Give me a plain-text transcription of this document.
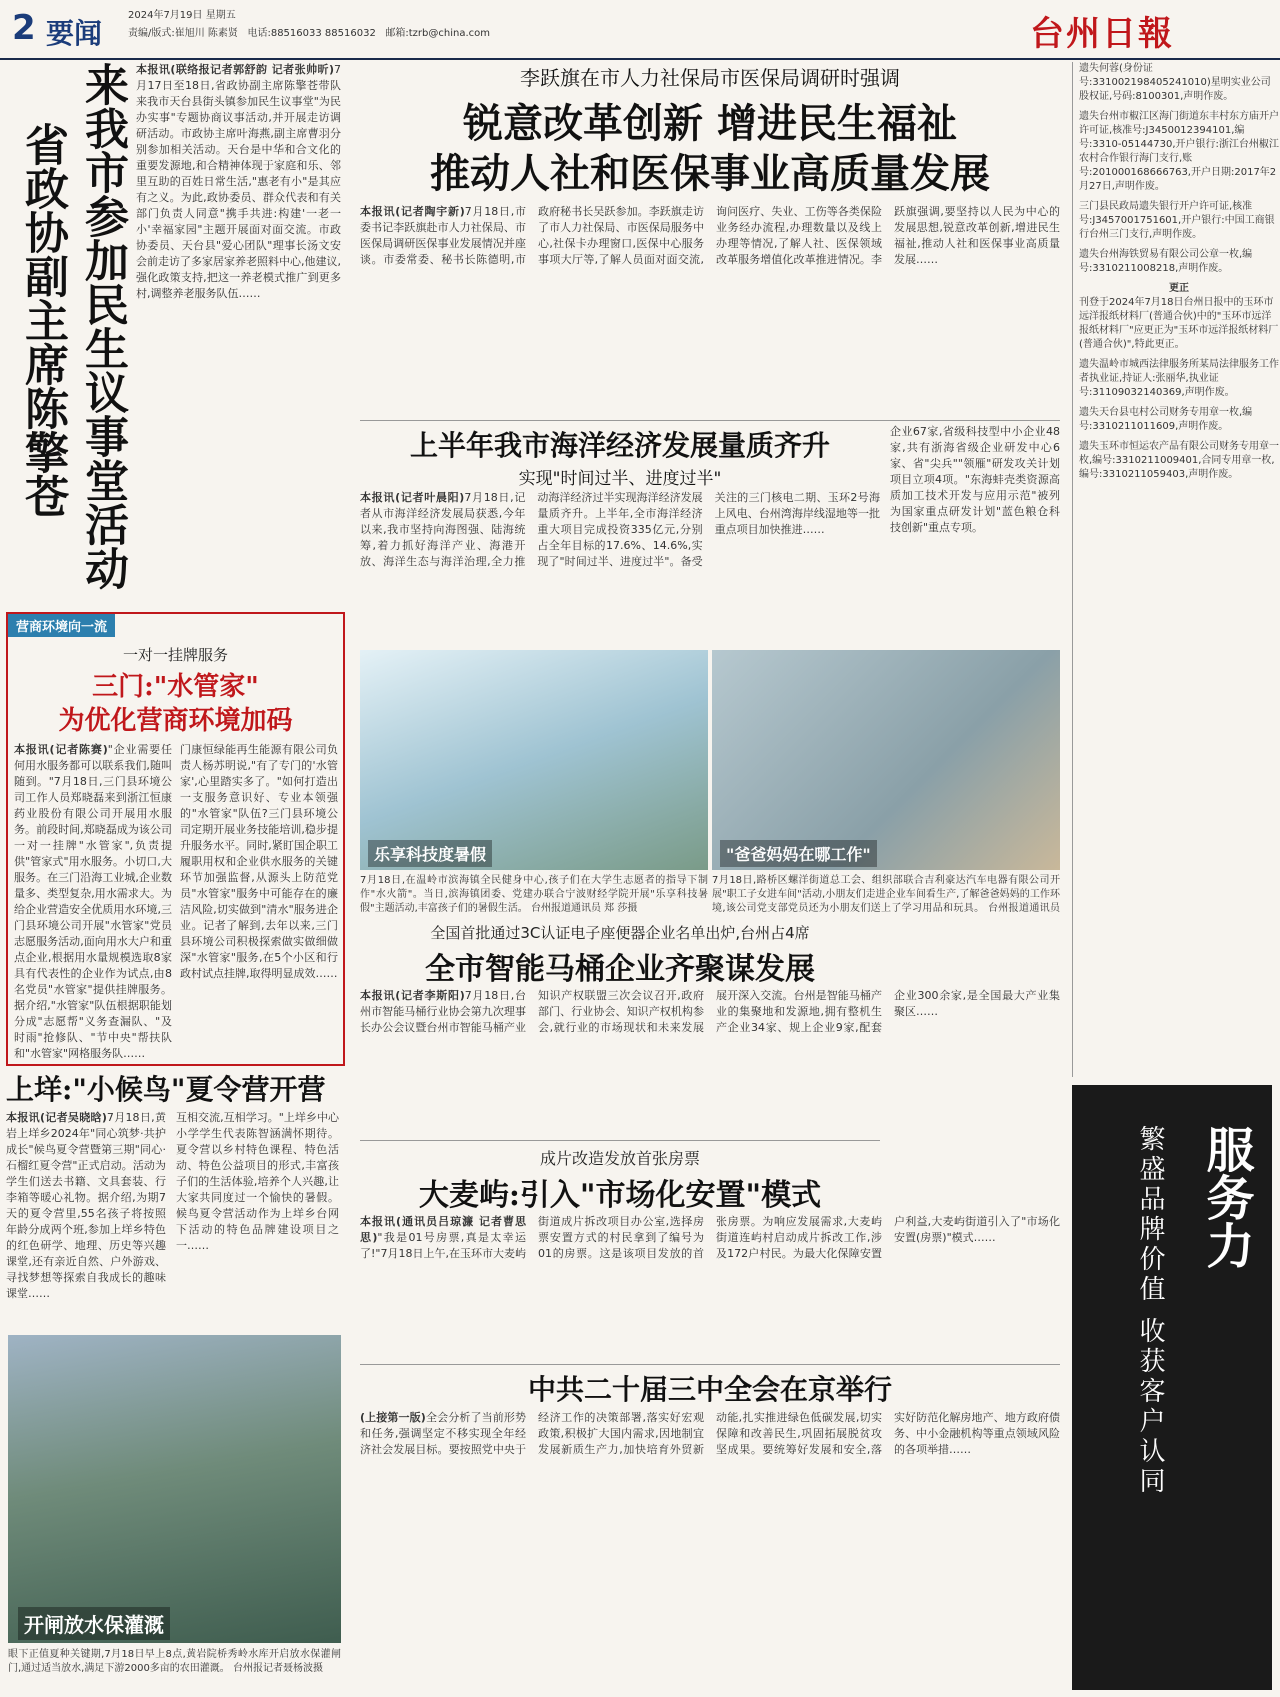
2 要闻
2024年7月19日 星期五
责编/版式:崔旭川 陈素贤 电话:88516033 88516032 邮箱:tzrb@china.com	台州日報
来我市参加民生议事堂活动
省政协副主席陈擎苍
本报讯(联络报记者郭舒韵 记者张帅昕)7月17日至18日,省政协副主席陈擎苍带队来我市天台县街头镇参加民生议事堂"为民办实事"专题协商议事活动,并开展走访调研活动。市政协主席叶海燕,副主席曹羽分别参加相关活动。天台是中华和合文化的重要发源地,和合精神体现于家庭和乐、邻里互助的百姓日常生活,"惠老有小"是其应有之义。为此,政协委员、群众代表和有关部门负责人同意"携手共进:构建'一老一小'幸福家园"主题开展面对面交流。市政协委员、天台县"爱心团队"理事长汤文安会前走访了多家居家养老照料中心,他建议,强化政策支持,把这一养老模式推广到更多村,调整养老服务队伍……
营商环境向一流
一对一挂牌服务
三门:"水管家"
为优化营商环境加码
本报讯(记者陈赛)"企业需要任何用水服务都可以联系我们,随叫随到。"7月18日,三门县环境公司工作人员郑晓磊来到浙江恒康药业股份有限公司开展用水服务。前段时间,郑晓磊成为该公司一对一挂牌"水管家",负责提供"管家式"用水服务。小切口,大服务。在三门沿海工业城,企业数量多、类型复杂,用水需求大。为给企业营造安全优质用水环境,三门县环境公司开展"水管家"党员志愿服务活动,面向用水大户和重点企业,根据用水量规模选取8家具有代表性的企业作为试点,由8名党员"水管家"提供挂牌服务。据介绍,"水管家"队伍根据职能划分成"志愿帮"义务查漏队、"及时雨"抢修队、"节中央"帮扶队和"水管家"网格服务队……
门康恒绿能再生能源有限公司负责人杨苏明说,"有了专门的'水管家',心里踏实多了。"如何打造出一支服务意识好、专业本领强的"水管家"队伍?三门县环境公司定期开展业务技能培训,稳步提升服务水平。同时,紧盯国企职工履职用权和企业供水服务的关键环节加强监督,从源头上防范党员"水管家"服务中可能存在的廉洁风险,切实做到"清水"服务进企业。记者了解到,去年以来,三门县环境公司积极探索做实做细做深"水管家"服务,在5个小区和行政村试点挂牌,取得明显成效……
上垟:"小候鸟"夏令营开营
本报讯(记者吴晓晗)7月18日,黄岩上垟乡2024年"同心筑梦·共护成长"候鸟夏令营暨第三期"同心·石榴红夏令营"正式启动。活动为学生们送去书籍、文具套装、行李箱等暖心礼物。据介绍,为期7天的夏令营里,55名孩子将按照年龄分成两个班,参加上垟乡特色的红色研学、地理、历史等兴趣课堂,还有亲近自然、户外游戏、寻找梦想等探索自我成长的趣味课堂……
互相交流,互相学习。"上垟乡中心小学学生代表陈智涵满怀期待。夏令营以乡村特色课程、特色活动、特色公益项目的形式,丰富孩子们的生活体验,培养个人兴趣,让大家共同度过一个愉快的暑假。候鸟夏令营活动作为上垟乡台网下活动的特色品牌建设项目之一……
开闸放水保灌溉
眼下正值夏种关键期,7月18日早上8点,黄岩院桥秀岭水库开启放水保灌闸门,通过适当放水,满足下游2000多亩的农田灌溉。 台州报记者聂杨波摄
李跃旗在市人力社保局市医保局调研时强调
锐意改革创新 增进民生福祉
推动人社和医保事业高质量发展
本报讯(记者陶宇新)7月18日,市委书记李跃旗赴市人力社保局、市医保局调研医保事业发展情况并座谈。市委常委、秘书长陈德明,市政府秘书长吴跃参加。李跃旗走访了市人力社保局、市医保局服务中心,社保卡办理窗口,医保中心服务事项大厅等,了解人员面对面交流,询问医疗、失业、工伤等各类保险业务经办流程,办理数量以及线上办理等情况,了解人社、医保领域改革服务增值化改革推进情况。李跃旗强调,要坚持以人民为中心的发展思想,锐意改革创新,增进民生福祉,推动人社和医保事业高质量发展……
上半年我市海洋经济发展量质齐升
实现"时间过半、进度过半"
本报讯(记者叶晨阳)7月18日,记者从市海洋经济发展局获悉,今年以来,我市坚持向海图强、陆海统筹,着力抓好海洋产业、海港开放、海洋生态与海洋治理,全力推动海洋经济过半实现海洋经济发展量质齐升。上半年,全市海洋经济重大项目完成投资335亿元,分别占全年目标的17.6%、14.6%,实现了"时间过半、进度过半"。备受关注的三门核电二期、玉环2号海上风电、台州湾海岸线湿地等一批重点项目加快推进……
企业67家,省级科技型中小企业48家,共有浙海省级企业研发中心6家、省"尖兵""领雁"研发攻关计划项目立项4项。"东海蚌壳类资源高质加工技术开发与应用示范"被列为国家重点研发计划"蓝色粮仓科技创新"重点专项。
乐享科技度暑假	"爸爸妈妈在哪工作"
7月18日,在温岭市滨海镇全民健身中心,孩子们在大学生志愿者的指导下制作"水火箭"。当日,滨海镇团委、党建办联合宁波财经学院开展"乐享科技暑假"主题活动,丰富孩子们的暑假生活。 台州报道通讯员 郑 莎摄
7月18日,路桥区螺洋街道总工会、组织部联合吉利豪达汽车电器有限公司开展"职工子女进车间"活动,小朋友们走进企业车间看生产,了解爸爸妈妈的工作环境,该公司党支部党员还为小朋友们送上了学习用品和玩具。 台州报道通讯员
全国首批通过3C认证电子座便器企业名单出炉,台州占4席
全市智能马桶企业齐聚谋发展
本报讯(记者李斯阳)7月18日,台州市智能马桶行业协会第九次理事长办公会议暨台州市智能马桶产业知识产权联盟三次会议召开,政府部门、行业协会、知识产权机构参会,就行业的市场现状和未来发展展开深入交流。台州是智能马桶产业的集聚地和发源地,拥有整机生产企业34家、规上企业9家,配套企业300余家,是全国最大产业集聚区……
成片改造发放首张房票
大麦屿:引入"市场化安置"模式
本报讯(通讯员吕琼濂 记者曹思思)"我是01号房票,真是太幸运了!"7月18日上午,在玉环市大麦屿街道成片拆改项目办公室,选择房票安置方式的村民拿到了编号为01的房票。这是该项目发放的首张房票。为响应发展需求,大麦屿街道连屿村启动成片拆改工作,涉及172户村民。为最大化保障安置户利益,大麦屿街道引入了"市场化安置(房票)"模式……
中共二十届三中全会在京举行
(上接第一版)全会分析了当前形势和任务,强调坚定不移实现全年经济社会发展目标。要按照党中央于经济工作的决策部署,落实好宏观政策,积极扩大国内需求,因地制宜发展新质生产力,加快培育外贸新动能,扎实推进绿色低碳发展,切实保障和改善民生,巩固拓展脱贫攻坚成果。要统筹好发展和安全,落实好防范化解房地产、地方政府债务、中小金融机构等重点领域风险的各项举措……
遗失何蓉(身份证号:331002198405241010)星明实业公司股权证,号码:8100301,声明作废。
遗失台州市椒江区海门街道东丰村东方庙开户许可证,核准号:J3450012394101,编号:3310-05144730,开户银行:浙江台州椒江农村合作银行海门支行,账号:201000168666763,开户日期:2017年2月27日,声明作废。
三门县民政局遗失银行开户许可证,核准号:J3457001751601,开户银行:中国工商银行台州三门支行,声明作废。
遗失台州海铁贸易有限公司公章一枚,编号:3310211008218,声明作废。
更正
刊登于2024年7月18日台州日报中的玉环市远洋报纸材料厂(普通合伙)中的"玉环市远洋报纸材料厂"应更正为"玉环市远洋报纸材料厂(普通合伙)",特此更正。
遗失温岭市城西法律服务所某局法律服务工作者执业证,持证人:张丽华,执业证号:31109032140369,声明作废。
遗失天台县屯村公司财务专用章一枚,编号:3310211011609,声明作废。
遗失玉环市恒运农产品有限公司财务专用章一枚,编号:3310211009401,合同专用章一枚,编号:3310211059403,声明作废。
服务力
繁盛品牌价值 收获客户认同
